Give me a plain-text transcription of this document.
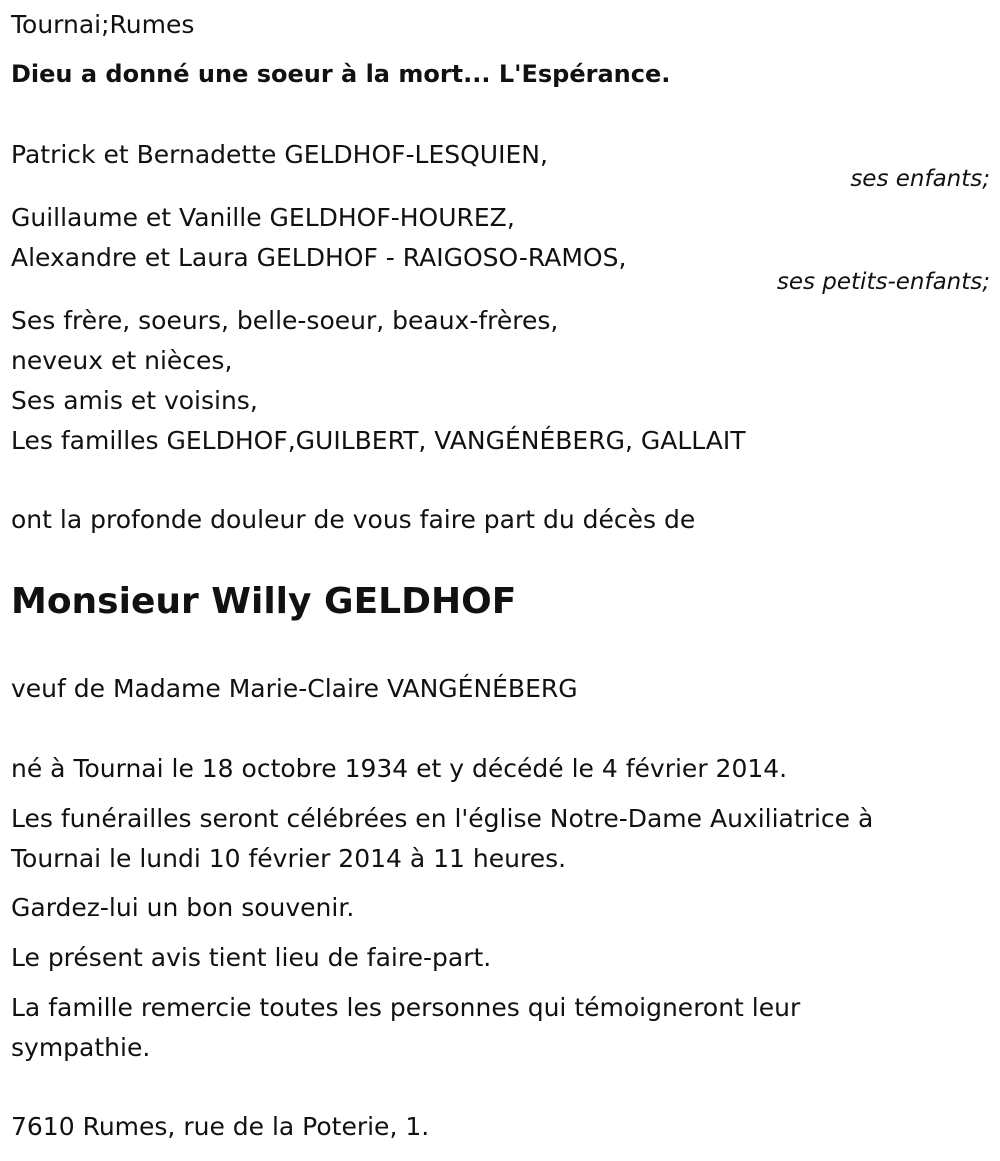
Tournai;Rumes
Dieu a donné une soeur à la mort... L'Espérance.
Patrick et Bernadette GELDHOF-LESQUIEN,
ses enfants;
Guillaume et Vanille GELDHOF-HOUREZ,
Alexandre et Laura GELDHOF - RAIGOSO-RAMOS,
ses petits-enfants;
Ses frère, soeurs, belle-soeur, beaux-frères,
neveux et nièces,
Ses amis et voisins,
Les familles GELDHOF,GUILBERT, VANGÉNÉBERG, GALLAIT
ont la profonde douleur de vous faire part du décès de
Monsieur Willy GELDHOF
veuf de Madame Marie-Claire VANGÉNÉBERG
né à Tournai le 18 octobre 1934 et y décédé le 4 février 2014.
Les funérailles seront célébrées en l'église Notre-Dame Auxiliatrice à
Tournai le lundi 10 février 2014 à 11 heures.
Gardez-lui un bon souvenir.
Le présent avis tient lieu de faire-part.
La famille remercie toutes les personnes qui témoigneront leur
sympathie.
7610 Rumes, rue de la Poterie, 1.
